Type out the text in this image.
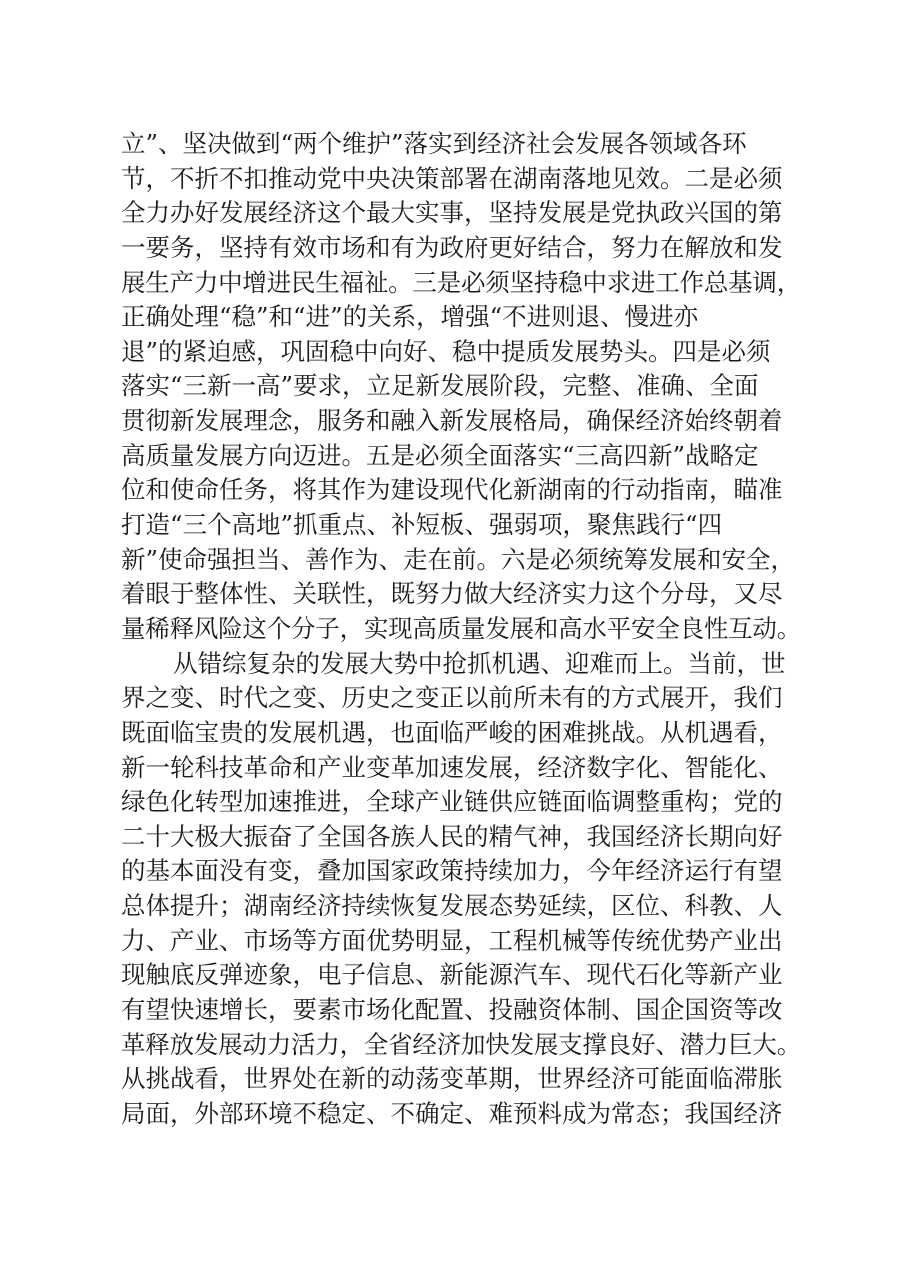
立”、坚决做到“两个维护”落实到经济社会发展各领域各环
节，不折不扣推动党中央决策部署在湖南落地见效。二是必须
全力办好发展经济这个最大实事，坚持发展是党执政兴国的第
一要务，坚持有效市场和有为政府更好结合，努力在解放和发
展生产力中增进民生福祉。三是必须坚持稳中求进工作总基调，
正确处理“稳”和“进”的关系，增强“不进则退、慢进亦
退”的紧迫感，巩固稳中向好、稳中提质发展势头。四是必须
落实“三新一高”要求，立足新发展阶段，完整、准确、全面
贯彻新发展理念，服务和融入新发展格局，确保经济始终朝着
高质量发展方向迈进。五是必须全面落实“三高四新”战略定
位和使命任务，将其作为建设现代化新湖南的行动指南，瞄准
打造“三个高地”抓重点、补短板、强弱项，聚焦践行“四
新”使命强担当、善作为、走在前。六是必须统筹发展和安全，
着眼于整体性、关联性，既努力做大经济实力这个分母，又尽
量稀释风险这个分子，实现高质量发展和高水平安全良性互动。
从错综复杂的发展大势中抢抓机遇、迎难而上。当前，世
界之变、时代之变、历史之变正以前所未有的方式展开，我们
既面临宝贵的发展机遇，也面临严峻的困难挑战。从机遇看，
新一轮科技革命和产业变革加速发展，经济数字化、智能化、
绿色化转型加速推进，全球产业链供应链面临调整重构；党的
二十大极大振奋了全国各族人民的精气神，我国经济长期向好
的基本面没有变，叠加国家政策持续加力，今年经济运行有望
总体提升；湖南经济持续恢复发展态势延续，区位、科教、人
力、产业、市场等方面优势明显，工程机械等传统优势产业出
现触底反弹迹象，电子信息、新能源汽车、现代石化等新产业
有望快速增长，要素市场化配置、投融资体制、国企国资等改
革释放发展动力活力，全省经济加快发展支撑良好、潜力巨大。
从挑战看，世界处在新的动荡变革期，世界经济可能面临滞胀
局面，外部环境不稳定、不确定、难预料成为常态；我国经济
